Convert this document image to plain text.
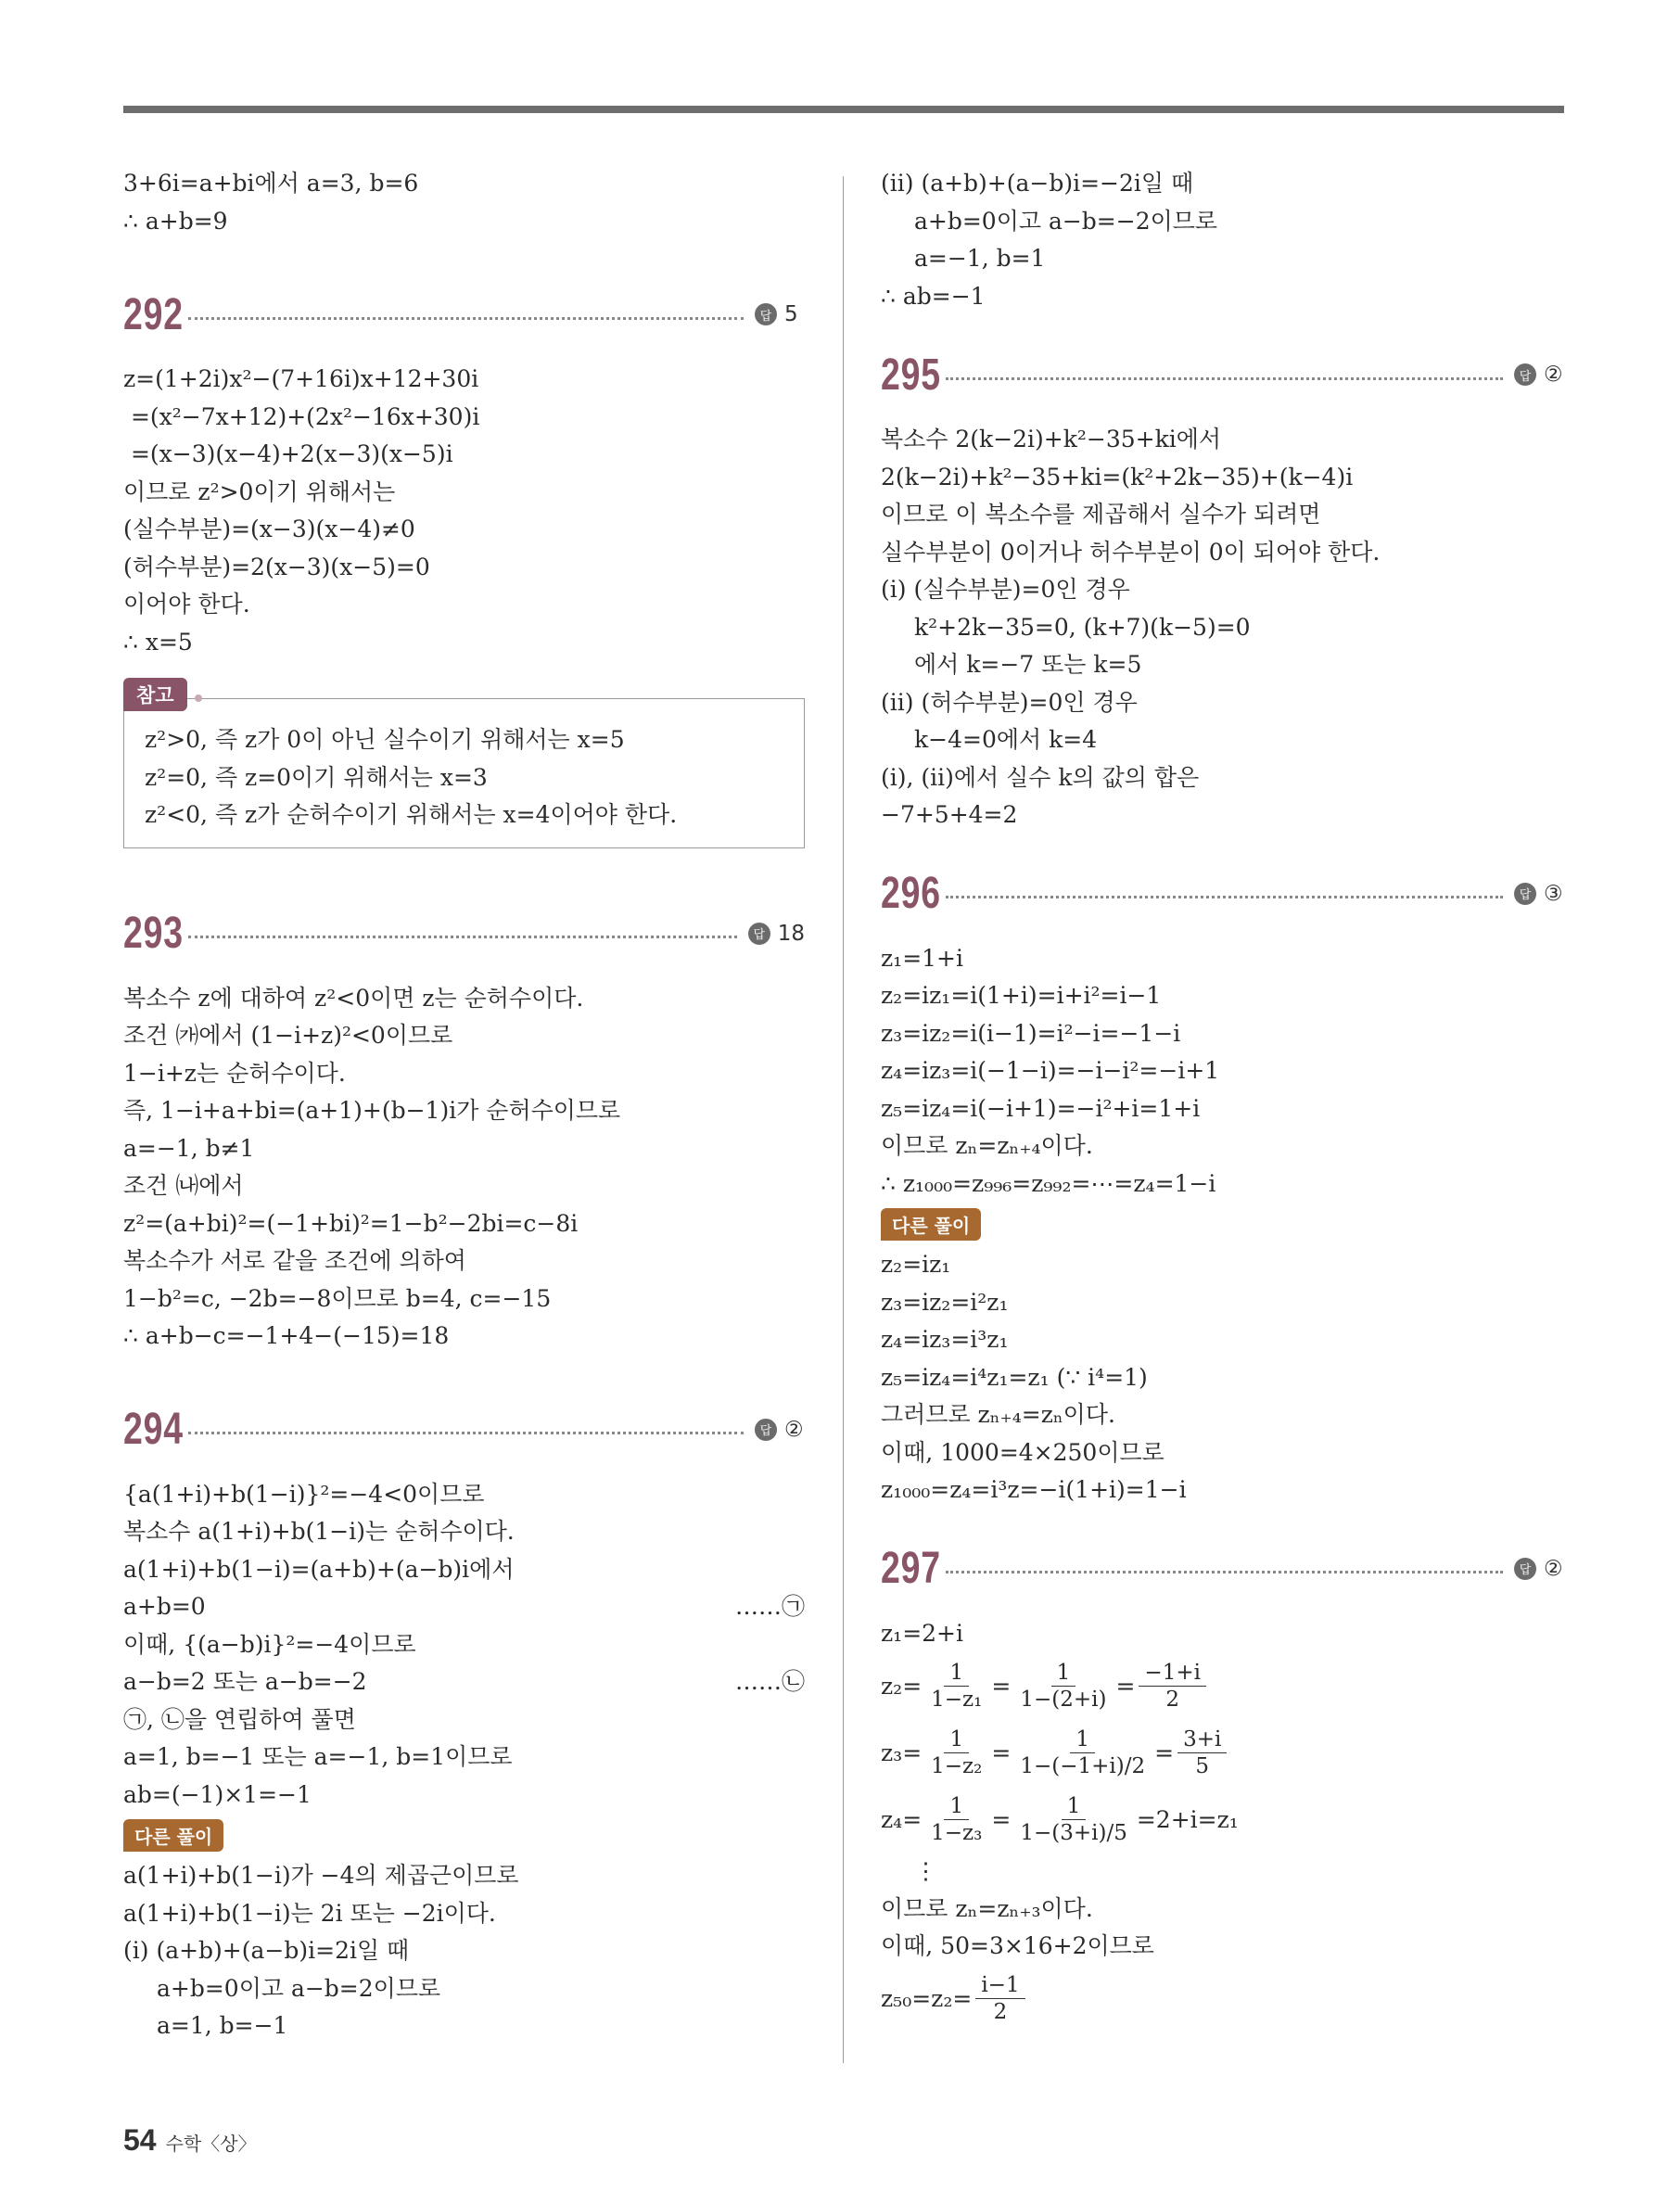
3+6i=a+bi에서 a=3, b=6
∴ a+b=9
292	답 5
z=(1+2i)x²−(7+16i)x+12+30i
=(x²−7x+12)+(2x²−16x+30)i
=(x−3)(x−4)+2(x−3)(x−5)i
이므로 z²>0이기 위해서는
(실수부분)=(x−3)(x−4)≠0
(허수부분)=2(x−3)(x−5)=0
이어야 한다.
∴ x=5
참고
z²>0, 즉 z가 0이 아닌 실수이기 위해서는 x=5
z²=0, 즉 z=0이기 위해서는 x=3
z²<0, 즉 z가 순허수이기 위해서는 x=4이어야 한다.
293	답 18
복소수 z에 대하여 z²<0이면 z는 순허수이다.
조건 ㈎에서 (1−i+z)²<0이므로
1−i+z는 순허수이다.
즉, 1−i+a+bi=(a+1)+(b−1)i가 순허수이므로
a=−1, b≠1
조건 ㈏에서
z²=(a+bi)²=(−1+bi)²=1−b²−2bi=c−8i
복소수가 서로 같을 조건에 의하여
1−b²=c, −2b=−8이므로 b=4, c=−15
∴ a+b−c=−1+4−(−15)=18
294	답 ②
{a(1+i)+b(1−i)}²=−4<0이므로
복소수 a(1+i)+b(1−i)는 순허수이다.
a(1+i)+b(1−i)=(a+b)+(a−b)i에서
a+b=0	……㉠
이때, {(a−b)i}²=−4이므로
a−b=2 또는 a−b=−2	……㉡
㉠, ㉡을 연립하여 풀면
a=1, b=−1 또는 a=−1, b=1이므로
ab=(−1)×1=−1
다른 풀이
a(1+i)+b(1−i)가 −4의 제곱근이므로
a(1+i)+b(1−i)는 2i 또는 −2i이다.
(i) (a+b)+(a−b)i=2i일 때
a+b=0이고 a−b=2이므로
a=1, b=−1
(ii) (a+b)+(a−b)i=−2i일 때
a+b=0이고 a−b=−2이므로
a=−1, b=1
∴ ab=−1
295	답 ②
복소수 2(k−2i)+k²−35+ki에서
2(k−2i)+k²−35+ki=(k²+2k−35)+(k−4)i
이므로 이 복소수를 제곱해서 실수가 되려면
실수부분이 0이거나 허수부분이 0이 되어야 한다.
(i) (실수부분)=0인 경우
k²+2k−35=0, (k+7)(k−5)=0
에서 k=−7 또는 k=5
(ii) (허수부분)=0인 경우
k−4=0에서 k=4
(i), (ii)에서 실수 k의 값의 합은
−7+5+4=2
296	답 ③
z₁=1+i
z₂=iz₁=i(1+i)=i+i²=i−1
z₃=iz₂=i(i−1)=i²−i=−1−i
z₄=iz₃=i(−1−i)=−i−i²=−i+1
z₅=iz₄=i(−i+1)=−i²+i=1+i
이므로 zₙ=zₙ₊₄이다.
∴ z₁₀₀₀=z₉₉₆=z₉₉₂=⋯=z₄=1−i
다른 풀이
z₂=iz₁
z₃=iz₂=i²z₁
z₄=iz₃=i³z₁
z₅=iz₄=i⁴z₁=z₁ (∵ i⁴=1)
그러므로 zₙ₊₄=zₙ이다.
이때, 1000=4×250이므로
z₁₀₀₀=z₄=i³z=−i(1+i)=1−i
297	답 ②
z₁=2+i
$z_2= \frac{1}{\text{1−z₁}} = \frac{1}{1-(2+i)} = \frac{-1+i}{2}$
$z_3= \frac{1}{\text{1−z₂}} = \frac{1}{1-(-1+i)/2} = \frac{3+i}{5}$
$z_4= \frac{1}{\text{1−z₃}} = \frac{1}{1-(3+i)/5} = 2+i=z_1$
⋮
이므로 zₙ=zₙ₊₃이다.
이때, 50=3×16+2이므로
$z_{50}=z_2= \frac{i-1}{2}$
54 수학〈상〉
